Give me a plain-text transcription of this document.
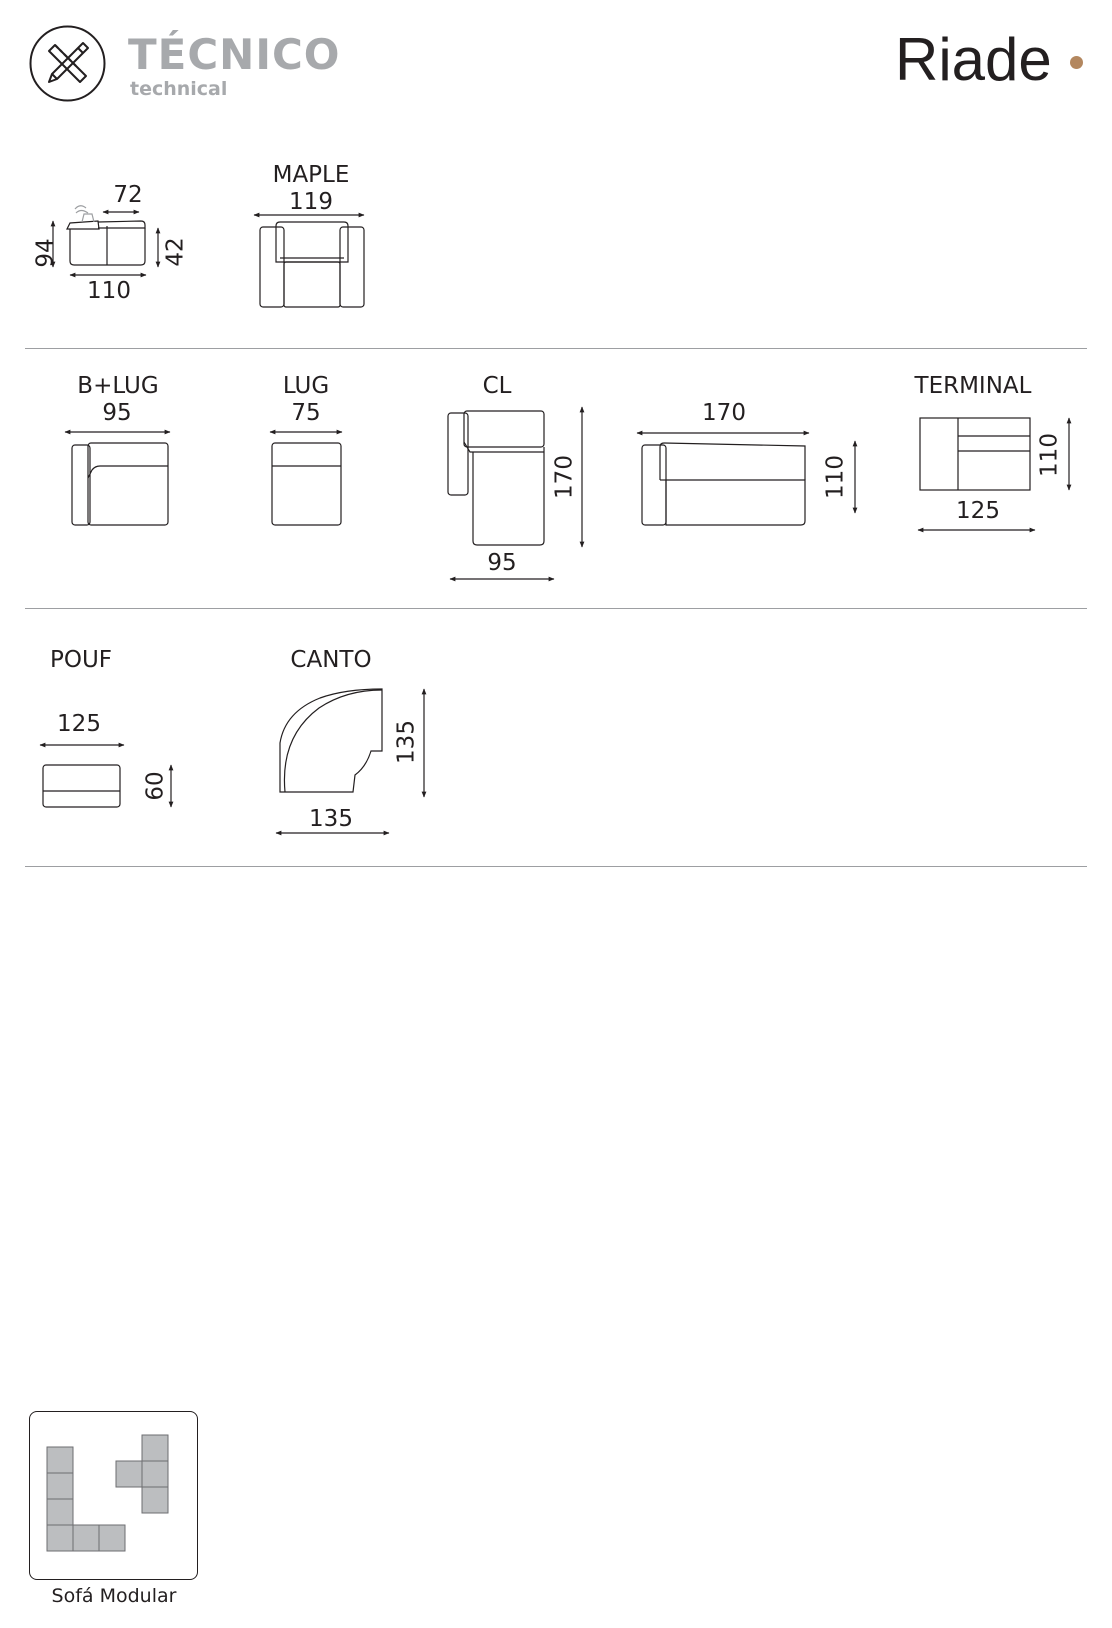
TÉCNICO
technical	Riade
72
94	42
110
MAPLE
119
B+LUG
95
LUG
75
CL
170
95
170
110
TERMINAL
125
110
POUF
125
60
CANTO
135
135
Sofá Modular
